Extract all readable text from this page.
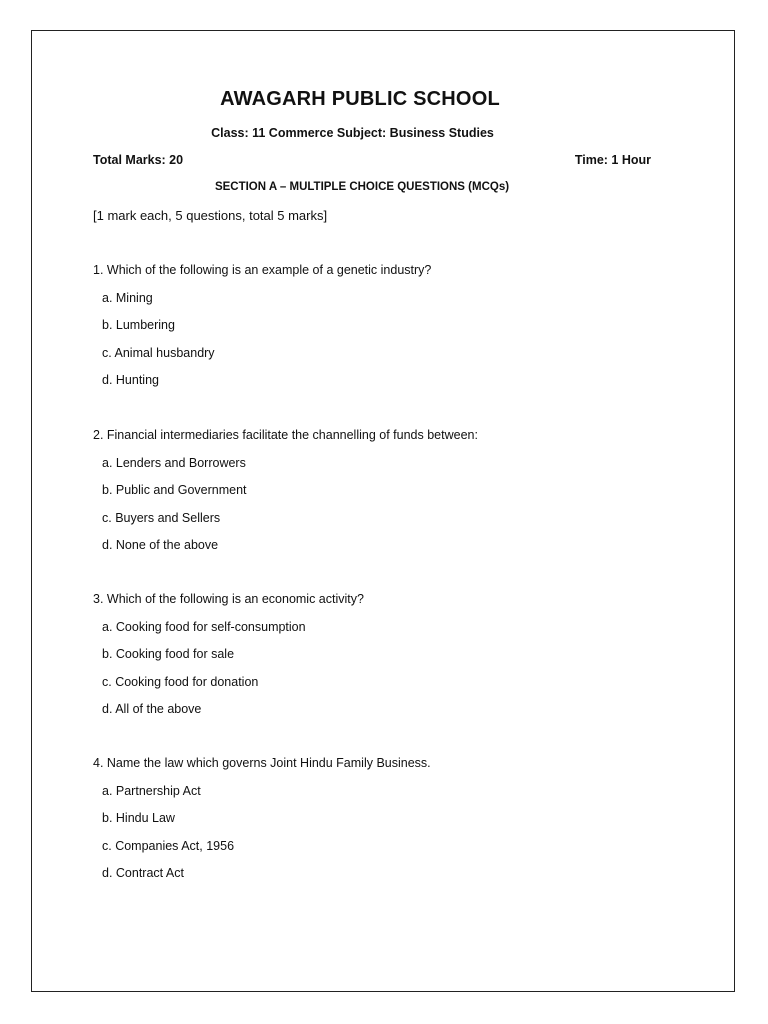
AWAGARH PUBLIC SCHOOL
Class: 11 Commerce Subject: Business Studies
Total Marks: 20	Time: 1 Hour
SECTION A – MULTIPLE CHOICE QUESTIONS (MCQs)
[1 mark each, 5 questions, total 5 marks]
1. Which of the following is an example of a genetic industry?
a. Mining
b. Lumbering
c. Animal husbandry
d. Hunting
2. Financial intermediaries facilitate the channelling of funds between:
a. Lenders and Borrowers
b. Public and Government
c. Buyers and Sellers
d. None of the above
3. Which of the following is an economic activity?
a. Cooking food for self-consumption
b. Cooking food for sale
c. Cooking food for donation
d. All of the above
4. Name the law which governs Joint Hindu Family Business.
a. Partnership Act
b. Hindu Law
c. Companies Act, 1956
d. Contract Act
